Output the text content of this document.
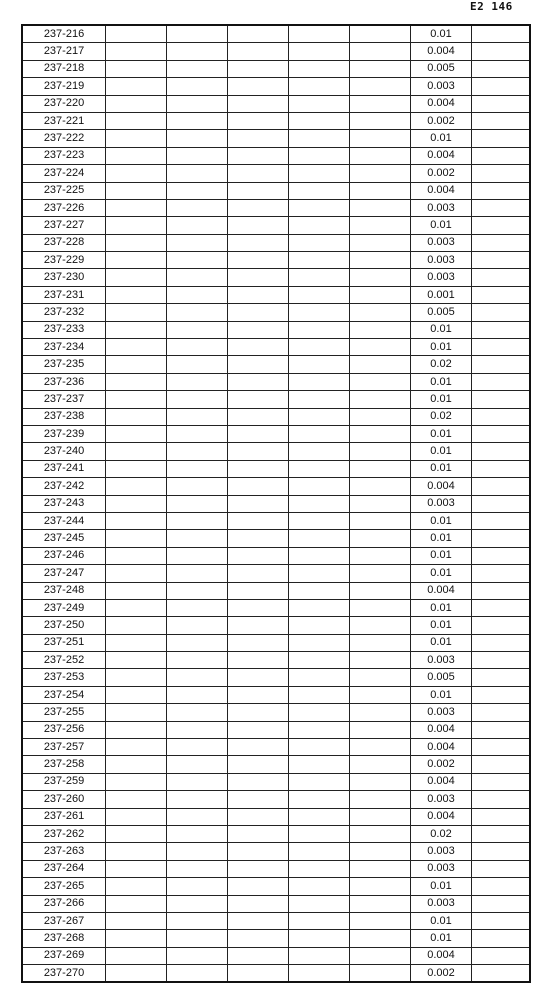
E2 146
237-216						0.01	
237-217						0.004	
237-218						0.005	
237-219						0.003	
237-220						0.004	
237-221						0.002	
237-222						0.01	
237-223						0.004	
237-224						0.002	
237-225						0.004	
237-226						0.003	
237-227						0.01	
237-228						0.003	
237-229						0.003	
237-230						0.003	
237-231						0.001	
237-232						0.005	
237-233						0.01	
237-234						0.01	
237-235						0.02	
237-236						0.01	
237-237						0.01	
237-238						0.02	
237-239						0.01	
237-240						0.01	
237-241						0.01	
237-242						0.004	
237-243						0.003	
237-244						0.01	
237-245						0.01	
237-246						0.01	
237-247						0.01	
237-248						0.004	
237-249						0.01	
237-250						0.01	
237-251						0.01	
237-252						0.003	
237-253						0.005	
237-254						0.01	
237-255						0.003	
237-256						0.004	
237-257						0.004	
237-258						0.002	
237-259						0.004	
237-260						0.003	
237-261						0.004	
237-262						0.02	
237-263						0.003	
237-264						0.003	
237-265						0.01	
237-266						0.003	
237-267						0.01	
237-268						0.01	
237-269						0.004	
237-270						0.002	
